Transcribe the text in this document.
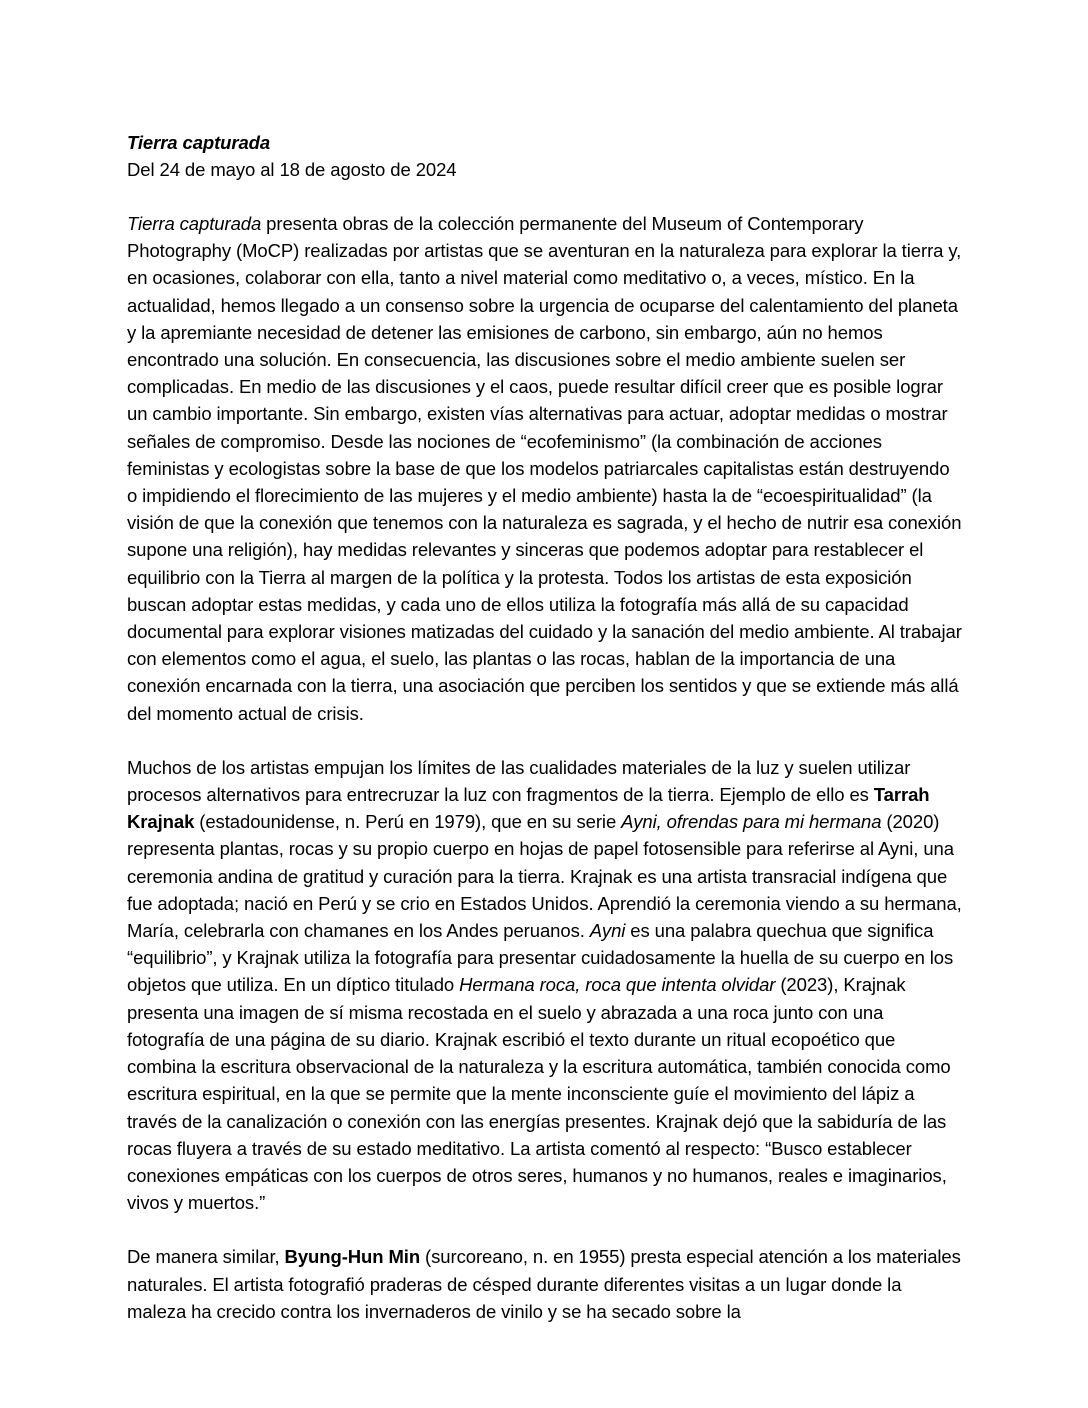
Tierra capturada
Del 24 de mayo al 18 de agosto de 2024

Tierra capturada presenta obras de la colección permanente del Museum of Contemporary Photography (MoCP) realizadas por artistas que se aventuran en la naturaleza para explorar la tierra y, en ocasiones, colaborar con ella, tanto a nivel material como meditativo o, a veces, místico. En la actualidad, hemos llegado a un consenso sobre la urgencia de ocuparse del calentamiento del planeta y la apremiante necesidad de detener las emisiones de carbono, sin embargo, aún no hemos encontrado una solución. En consecuencia, las discusiones sobre el medio ambiente suelen ser complicadas. En medio de las discusiones y el caos, puede resultar difícil creer que es posible lograr un cambio importante. Sin embargo, existen vías alternativas para actuar, adoptar medidas o mostrar señales de compromiso. Desde las nociones de “ecofeminismo” (la combinación de acciones feministas y ecologistas sobre la base de que los modelos patriarcales capitalistas están destruyendo o impidiendo el florecimiento de las mujeres y el medio ambiente) hasta la de “ecoespiritualidad” (la visión de que la conexión que tenemos con la naturaleza es sagrada, y el hecho de nutrir esa conexión supone una religión), hay medidas relevantes y sinceras que podemos adoptar para restablecer el equilibrio con la Tierra al margen de la política y la protesta. Todos los artistas de esta exposición buscan adoptar estas medidas, y cada uno de ellos utiliza la fotografía más allá de su capacidad documental para explorar visiones matizadas del cuidado y la sanación del medio ambiente. Al trabajar con elementos como el agua, el suelo, las plantas o las rocas, hablan de la importancia de una conexión encarnada con la tierra, una asociación que perciben los sentidos y que se extiende más allá del momento actual de crisis.

Muchos de los artistas empujan los límites de las cualidades materiales de la luz y suelen utilizar procesos alternativos para entrecruzar la luz con fragmentos de la tierra. Ejemplo de ello es Tarrah Krajnak (estadounidense, n. Perú en 1979), que en su serie Ayni, ofrendas para mi hermana (2020) representa plantas, rocas y su propio cuerpo en hojas de papel fotosensible para referirse al Ayni, una ceremonia andina de gratitud y curación para la tierra. Krajnak es una artista transracial indígena que fue adoptada; nació en Perú y se crio en Estados Unidos. Aprendió la ceremonia viendo a su hermana, María, celebrarla con chamanes en los Andes peruanos. Ayni es una palabra quechua que significa “equilibrio”, y Krajnak utiliza la fotografía para presentar cuidadosamente la huella de su cuerpo en los objetos que utiliza. En un díptico titulado Hermana roca, roca que intenta olvidar (2023), Krajnak presenta una imagen de sí misma recostada en el suelo y abrazada a una roca junto con una fotografía de una página de su diario. Krajnak escribió el texto durante un ritual ecopoético que combina la escritura observacional de la naturaleza y la escritura automática, también conocida como escritura espiritual, en la que se permite que la mente inconsciente guíe el movimiento del lápiz a través de la canalización o conexión con las energías presentes. Krajnak dejó que la sabiduría de las rocas fluyera a través de su estado meditativo. La artista comentó al respecto: “Busco establecer conexiones empáticas con los cuerpos de otros seres, humanos y no humanos, reales e imaginarios, vivos y muertos.”

De manera similar, Byung-Hun Min (surcoreano, n. en 1955) presta especial atención a los materiales naturales. El artista fotografió praderas de césped durante diferentes visitas a un lugar donde la maleza ha crecido contra los invernaderos de vinilo y se ha secado sobre la
